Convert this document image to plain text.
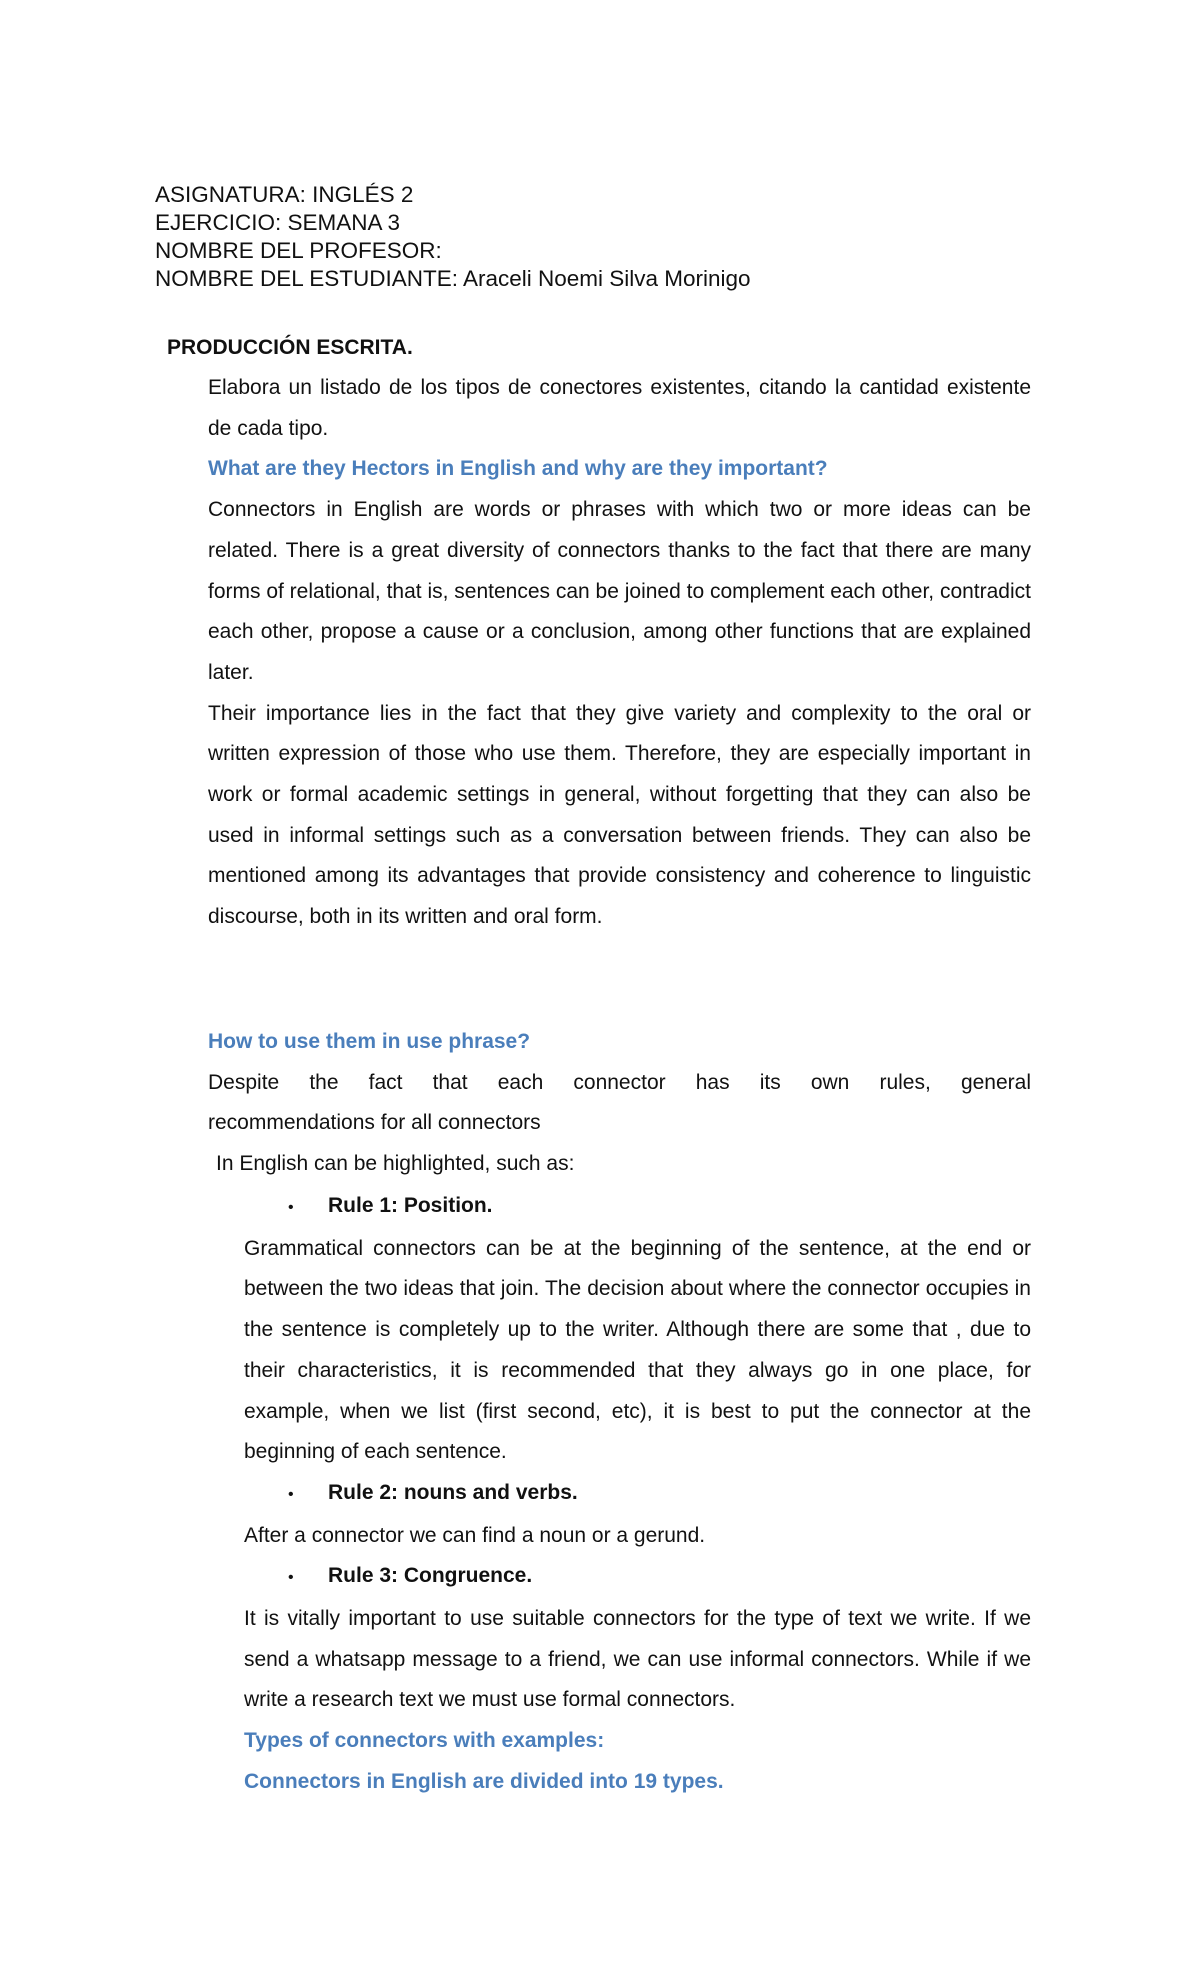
ASIGNATURA: INGLÉS 2
EJERCICIO: SEMANA 3
NOMBRE DEL PROFESOR:
NOMBRE DEL ESTUDIANTE: Araceli Noemi Silva Morinigo
PRODUCCIÓN ESCRITA.

Elabora un listado de los tipos de conectores existentes, citando la cantidad existente de cada tipo.

What are they Hectors in English and why are they important?

Connectors in English are words or phrases with which two or more ideas can be related. There is a great diversity of connectors thanks to the fact that there are many forms of relational, that is, sentences can be joined to complement each other, contradict each other, propose a cause or a conclusion, among other functions that are explained later.

Their importance lies in the fact that they give variety and complexity to the oral or written expression of those who use them. Therefore, they are especially important in work or formal academic settings in general, without forgetting that they can also be used in informal settings such as a conversation between friends. They can also be mentioned among its advantages that provide consistency and coherence to linguistic discourse, both in its written and oral form.

How to use them in use phrase?

Despite the fact that each connector has its own rules, general

recommendations for all connectors

In English can be highlighted, such as:

•	Rule 1: Position.

Grammatical connectors can be at the beginning of the sentence, at the end or between the two ideas that join. The decision about where the connector occupies in the sentence is completely up to the writer. Although there are some that , due to their characteristics, it is recommended that they always go in one place, for example, when we list (first second, etc), it is best to put the connector at the beginning of each sentence.

•	Rule 2: nouns and verbs.

After a connector we can find a noun or a gerund.

•	Rule 3: Congruence.

It is vitally important to use suitable connectors for the type of text we write. If we send a whatsapp message to a friend, we can use informal connectors. While if we write a research text we must use formal connectors.

Types of connectors with examples:

Connectors in English are divided into 19 types.
